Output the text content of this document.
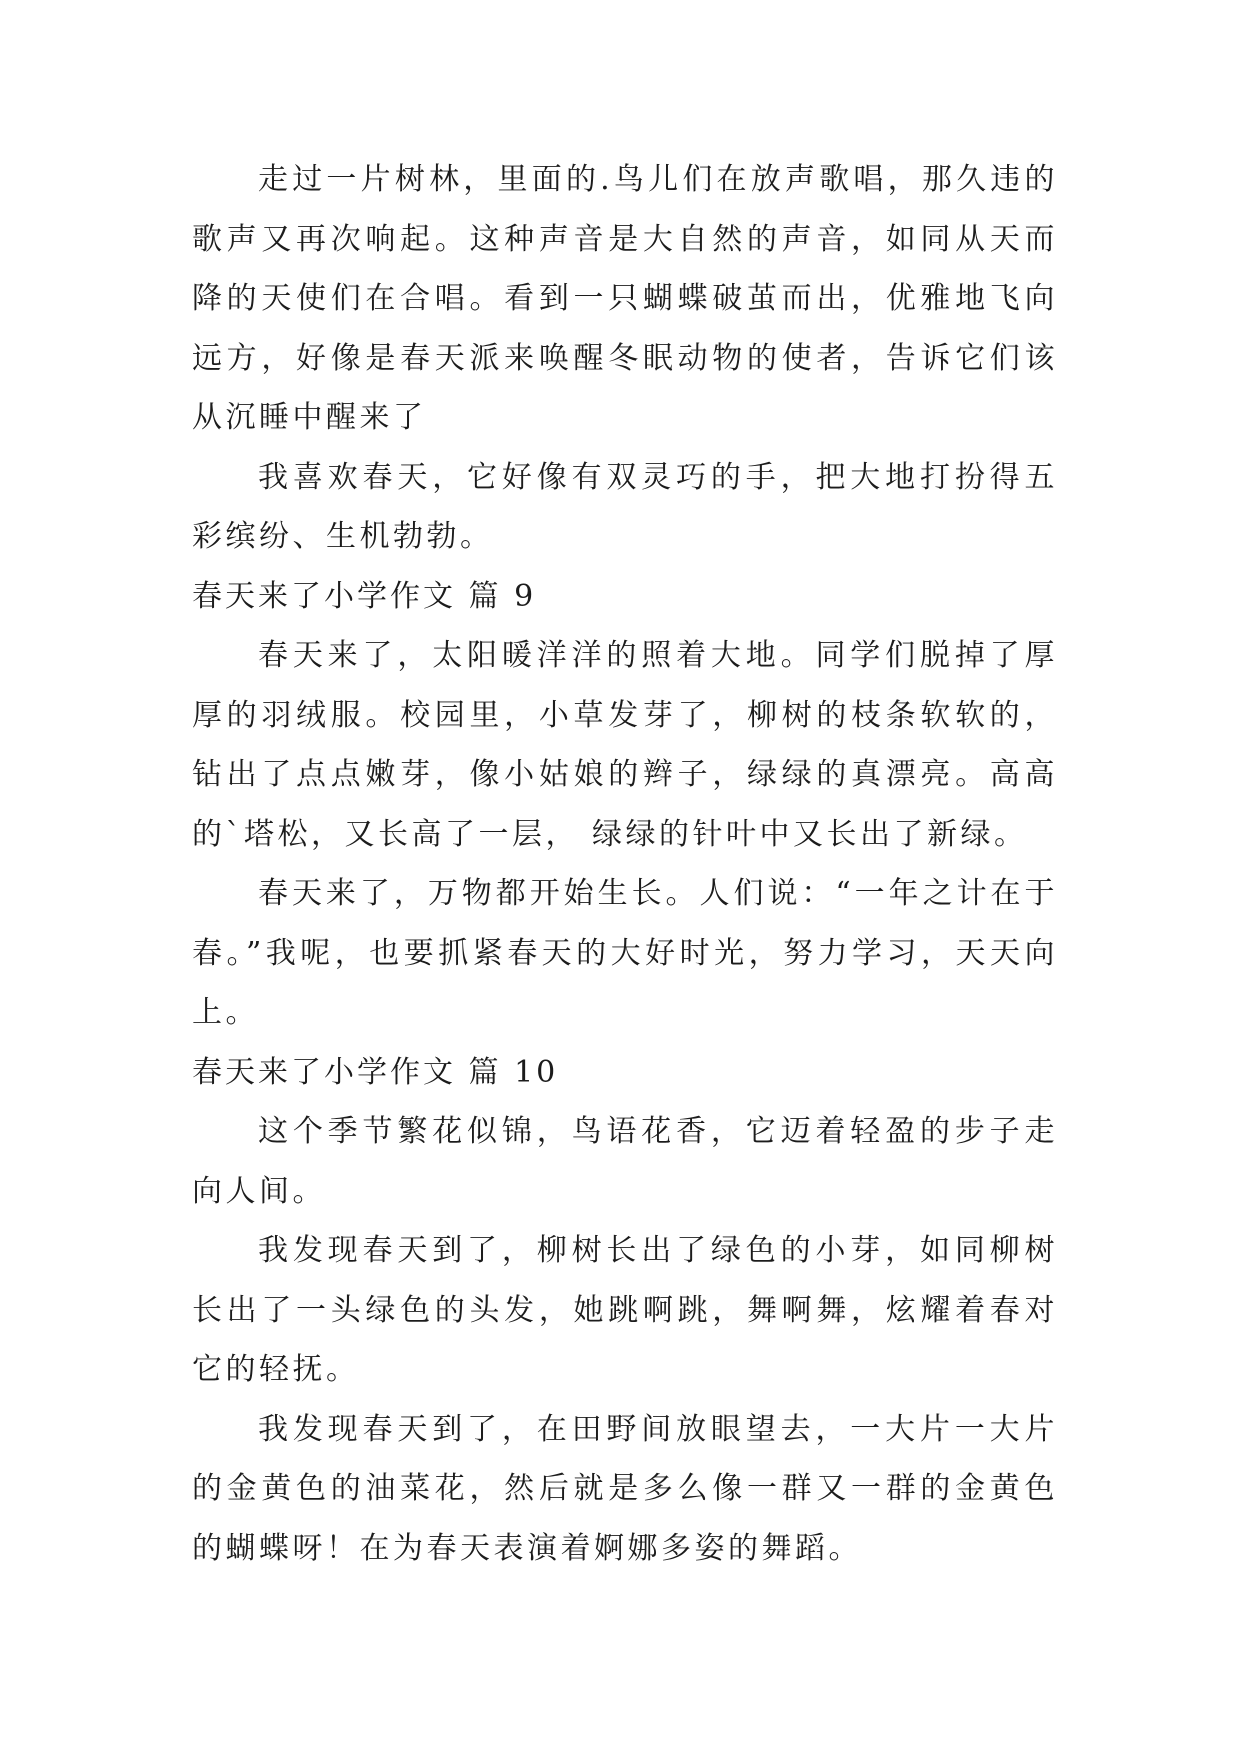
走过一片树林，里面的.鸟儿们在放声歌唱，那久违的歌声又再次响起。这种声音是大自然的声音，如同从天而降的天使们在合唱。看到一只蝴蝶破茧而出，优雅地飞向远方，好像是春天派来唤醒冬眠动物的使者，告诉它们该从沉睡中醒来了

我喜欢春天，它好像有双灵巧的手，把大地打扮得五彩缤纷、生机勃勃。

春天来了小学作文 篇 9

春天来了，太阳暖洋洋的照着大地。同学们脱掉了厚厚的羽绒服。校园里，小草发芽了，柳树的枝条软软的，钻出了点点嫩芽，像小姑娘的辫子，绿绿的真漂亮。高高的`塔松，又长高了一层， 绿绿的针叶中又长出了新绿。

春天来了，万物都开始生长。人们说：“一年之计在于春。”我呢，也要抓紧春天的大好时光，努力学习，天天向上。

春天来了小学作文 篇 10

这个季节繁花似锦，鸟语花香，它迈着轻盈的步子走向人间。

我发现春天到了，柳树长出了绿色的小芽，如同柳树长出了一头绿色的头发，她跳啊跳，舞啊舞，炫耀着春对它的轻抚。

我发现春天到了，在田野间放眼望去，一大片一大片的金黄色的油菜花，然后就是多么像一群又一群的金黄色的蝴蝶呀！在为春天表演着婀娜多姿的舞蹈。
